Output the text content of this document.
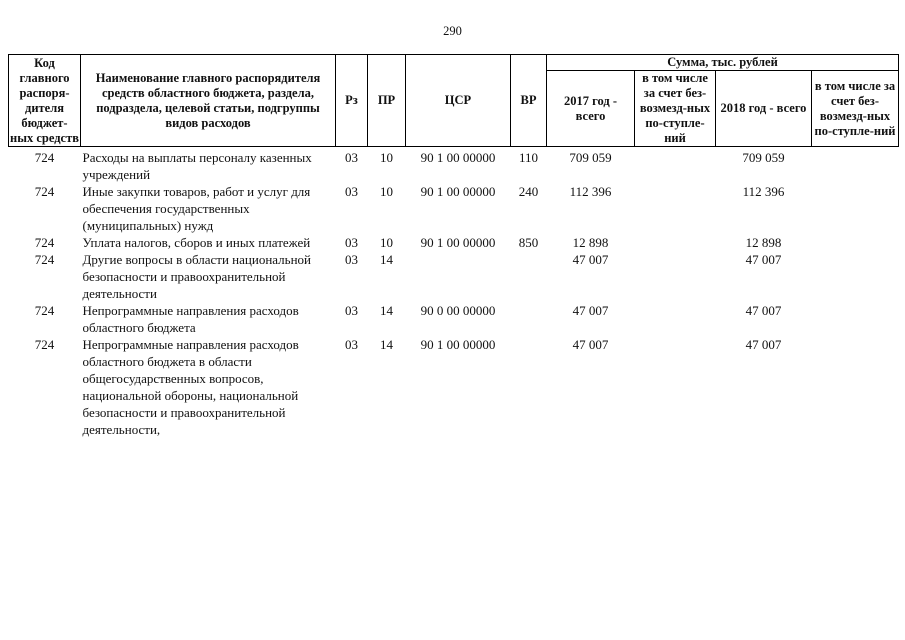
290
Код главного распоря-дителя бюджет-ных средств	Наименование главного распорядителя средств областного бюджета, раздела, подраздела, целевой статьи, подгруппы видов расходов	Рз	ПР	ЦСР	ВР	Сумма, тыс. рублей			
						2017 год - всего	в том числе за счет без-возмезд-ных по-ступле-ний	2018 год - всего	в том числе за счет без-возмезд-ных по-ступле-ний
724	Расходы на выплаты персоналу казенных учреждений	03	10	90 1 00 00000	110	709 059		709 059	
724	Иные закупки товаров, работ и услуг для обеспечения государственных (муниципальных) нужд	03	10	90 1 00 00000	240	112 396		112 396	
724	Уплата налогов, сборов и иных платежей	03	10	90 1 00 00000	850	12 898		12 898	
724	Другие вопросы в области национальной безопасности и правоохранительной деятельности	03	14			47 007		47 007	
724	Непрограммные направления расходов областного бюджета	03	14	90 0 00 00000		47 007		47 007	
724	Непрограммные направления расходов областного бюджета в области общегосударственных вопросов, национальной обороны, национальной безопасности и правоохранительной деятельности,	03	14	90 1 00 00000		47 007		47 007	
